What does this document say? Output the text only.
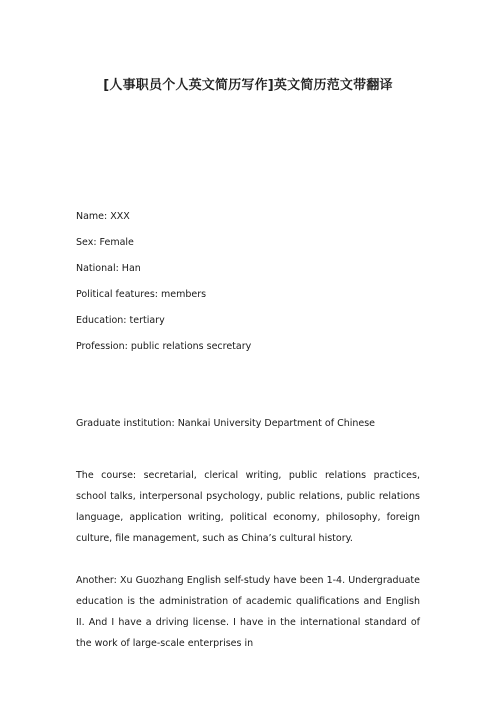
[人事职员个人英文简历写作]英文简历范文带翻译
Name: XXX
Sex: Female
National: Han
Political features: members
Education: tertiary
Profession: public relations secretary
Graduate institution: Nankai University Department of Chinese
The course: secretarial, clerical writing, public relations practices, school talks, interpersonal psychology, public relations, public relations language, application writing, political economy, philosophy, foreign culture, file management, such as China’s cultural history.
Another: Xu Guozhang English self-study have been 1-4. Undergraduate education is the administration of academic qualifications and English II. And I have a driving license. I have in the international standard of the work of large-scale enterprises in
